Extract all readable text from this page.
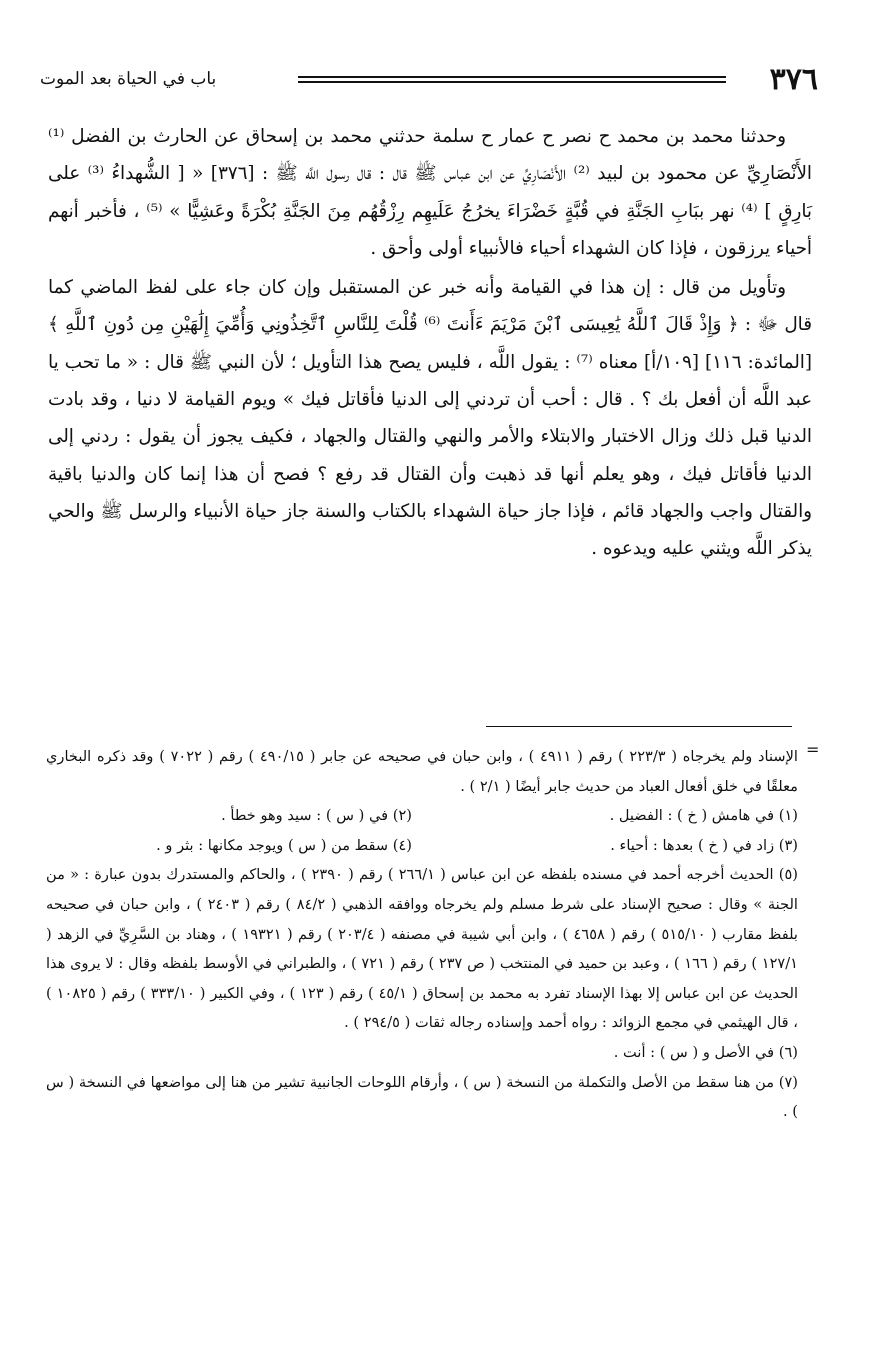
٣٧٦
باب في الحياة بعد الموت

وحدثنا محمد بن محمد ح نصر ح عمار ح سلمة حدثني محمد بن إسحاق عن الحارث بن الفضل ⁽¹⁾ الأَنْصَارِيِّ عن محمود بن لبيد ⁽²⁾ الأَنْصَارِيِّ عن ابن عباس ﷺ قال : قال رسول اللَّه ﷺ : [٣٧٦] « [ الشُّهداءُ ⁽³⁾ على بَارِقٍ ] ⁽⁴⁾ نهر ببَابِ الجَنَّةِ في قُبَّةٍ خَضْرَاءَ يخرُجُ عَلَيهِم رِزْقُهُم مِنَ الجَنَّةِ بُكْرَةً وعَشِيًّا » ⁽⁵⁾ ، فأخبر أنهم أحياء يرزقون ، فإذا كان الشهداء أحياء فالأنبياء أولى وأحق .

وتأويل من قال : إن هذا في القيامة وأنه خبر عن المستقبل وإن كان جاء على لفظ الماضي كما قال ﷻ : ﴿ وَإِذْ قَالَ ٱللَّهُ يَٰعِيسَى ٱبْنَ مَرْيَمَ ءَأَنتَ ⁽⁶⁾ قُلْتَ لِلنَّاسِ ٱتَّخِذُونِي وَأُمِّيَ إِلَٰهَيْنِ مِن دُونِ ٱللَّهِ ﴾ [المائدة: ١١٦] [١٠٩/أ] معناه ⁽⁷⁾ : يقول اللَّه ، فليس يصح هذا التأويل ؛ لأن النبي ﷺ قال : « ما تحب يا عبد اللَّه أن أفعل بك ؟ . قال : أحب أن تردني إلى الدنيا فأقاتل فيك » ويوم القيامة لا دنيا ، وقد بادت الدنيا قبل ذلك وزال الاختبار والابتلاء والأمر والنهي والقتال والجهاد ، فكيف يجوز أن يقول : ردني إلى الدنيا فأقاتل فيك ، وهو يعلم أنها قد ذهبت وأن القتال قد رفع ؟ فصح أن هذا إنما كان والدنيا باقية والقتال واجب والجهاد قائم ، فإذا جاز حياة الشهداء بالكتاب والسنة جاز حياة الأنبياء والرسل ﷺ والحي يذكر اللَّه ويثني عليه ويدعوه .

=

الإسناد ولم يخرجاه ( ٢٢٣/٣ ) رقم ( ٤٩١١ ) ، وابن حبان في صحيحه عن جابر ( ٤٩٠/١٥ ) رقم ( ٧٠٢٢ ) وقد ذكره البخاري معلقًا في خلق أفعال العباد من حديث جابر أيضًا ( ٢/١ ) .

(١) في هامش ( خ ) : الفضيل .
(٢) في ( س ) : سيد وهو خطأ .
(٣) زاد في ( خ ) بعدها : أحياء .
(٤) سقط من ( س ) ويوجد مكانها : بثر و .

(٥) الحديث أخرجه أحمد في مسنده بلفظه عن ابن عباس ( ٢٦٦/١ ) رقم ( ٢٣٩٠ ) ، والحاكم والمستدرك بدون عبارة : « من الجنة » وقال : صحيح الإسناد على شرط مسلم ولم يخرجاه ووافقه الذهبي ( ٨٤/٢ ) رقم ( ٢٤٠٣ ) ، وابن حبان في صحيحه بلفظ مقارب ( ٥١٥/١٠ ) رقم ( ٤٦٥٨ ) ، وابن أبي شيبة في مصنفه ( ٢٠٣/٤ ) رقم ( ١٩٣٢١ ) ، وهناد بن السَّرِيِّ في الزهد ( ١٢٧/١ ) رقم ( ١٦٦ ) ، وعبد بن حميد في المنتخب ( ص ٢٣٧ ) رقم ( ٧٢١ ) ، والطبراني في الأوسط بلفظه وقال : لا يروى هذا الحديث عن ابن عباس إلا بهذا الإسناد تفرد به محمد بن إسحاق ( ٤٥/١ ) رقم ( ١٢٣ ) ، وفي الكبير ( ٣٣٣/١٠ ) رقم ( ١٠٨٢٥ ) ، قال الهيثمي في مجمع الزوائد : رواه أحمد وإسناده رجاله ثقات ( ٢٩٤/٥ ) .

(٦) في الأصل و ( س ) : أنت .

(٧) من هنا سقط من الأصل والتكملة من النسخة ( س ) ، وأرقام اللوحات الجانبية تشير من هنا إلى مواضعها في النسخة ( س ) .
